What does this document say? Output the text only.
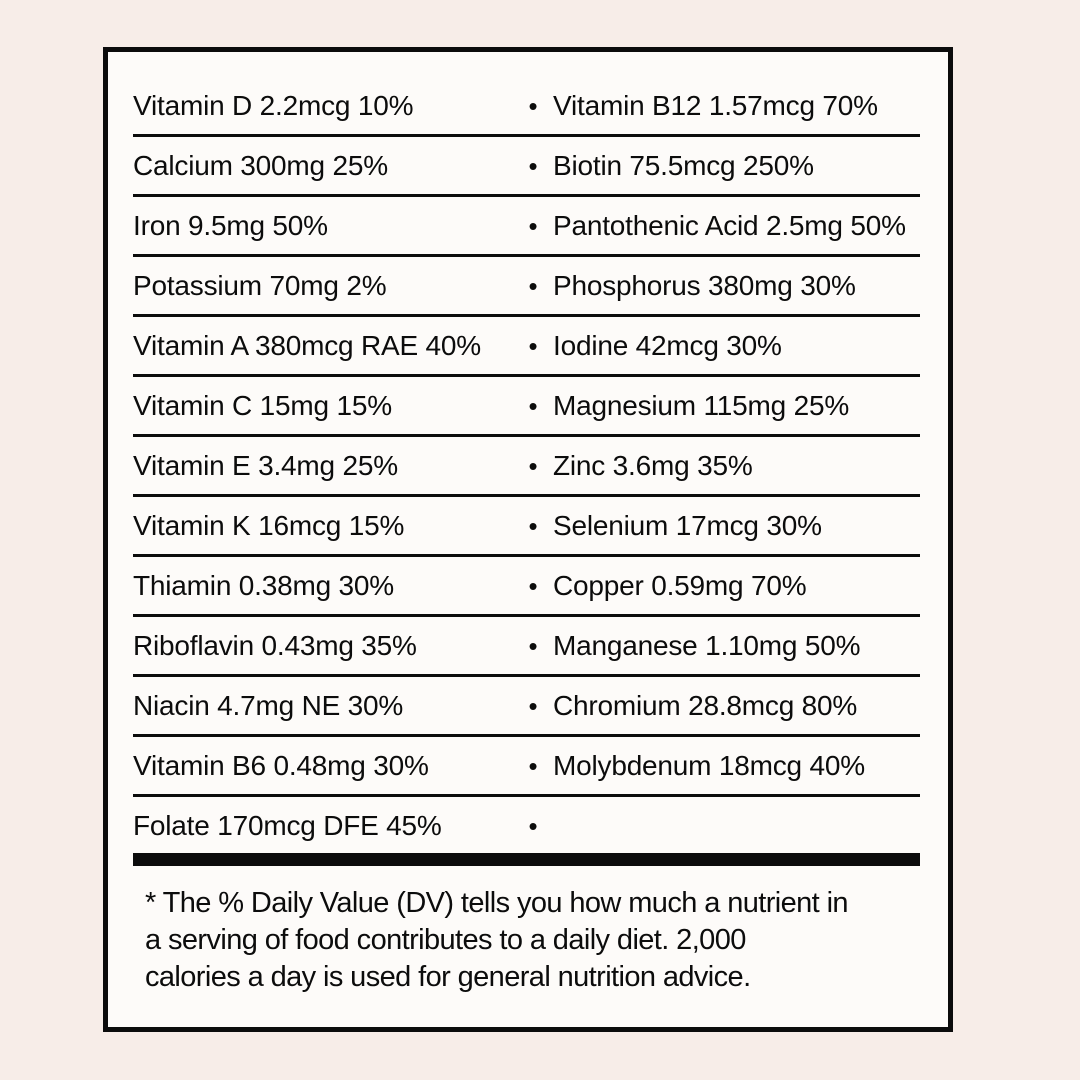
Vitamin D 2.2mcg 10%	• Vitamin B12 1.57mcg 70%
Calcium 300mg 25%	• Biotin 75.5mcg 250%
Iron 9.5mg 50%	• Pantothenic Acid 2.5mg 50%
Potassium 70mg 2%	• Phosphorus 380mg 30%
Vitamin A 380mcg RAE 40%	• Iodine 42mcg 30%
Vitamin C 15mg 15%	• Magnesium 115mg 25%
Vitamin E 3.4mg 25%	• Zinc 3.6mg 35%
Vitamin K 16mcg 15%	• Selenium 17mcg 30%
Thiamin 0.38mg 30%	• Copper 0.59mg 70%
Riboflavin 0.43mg 35%	• Manganese 1.10mg 50%
Niacin 4.7mg NE 30%	• Chromium 28.8mcg 80%
Vitamin B6 0.48mg 30%	• Molybdenum 18mcg 40%
Folate 170mcg DFE 45%	•
* The % Daily Value (DV) tells you how much a nutrient in
a serving of food contributes to a daily diet. 2,000
calories a day is used for general nutrition advice.
